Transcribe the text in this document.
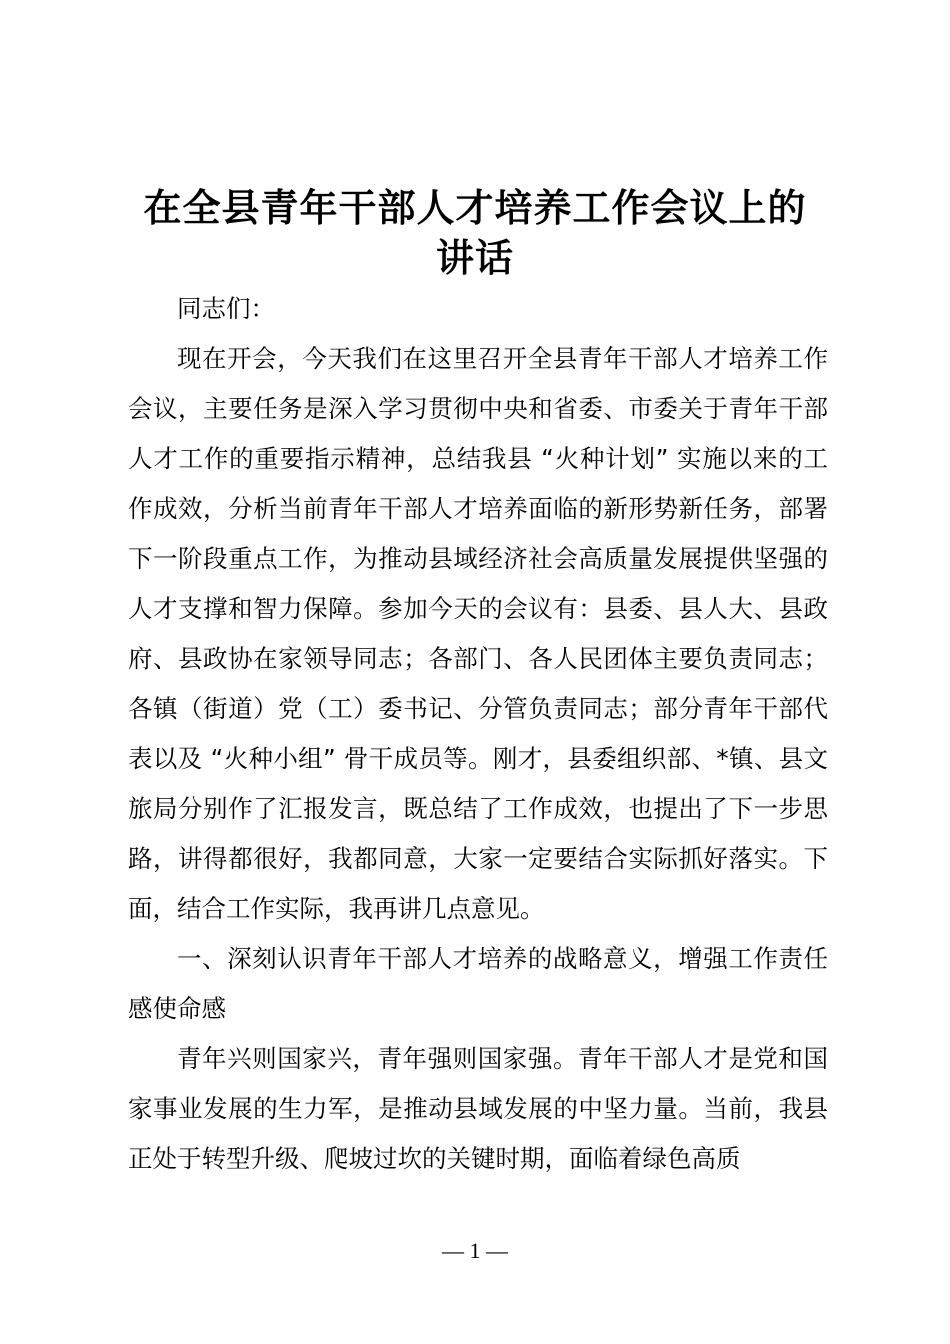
在全县青年干部人才培养工作会议上的
讲话

同志们：

现在开会，今天我们在这里召开全县青年干部人才培养工作会议，主要任务是深入学习贯彻中央和省委、市委关于青年干部人才工作的重要指示精神，总结我县 “火种计划” 实施以来的工作成效，分析当前青年干部人才培养面临的新形势新任务，部署下一阶段重点工作，为推动县域经济社会高质量发展提供坚强的人才支撑和智力保障。参加今天的会议有：县委、县人大、县政府、县政协在家领导同志；各部门、各人民团体主要负责同志；各镇（街道）党（工）委书记、分管负责同志；部分青年干部代表以及 “火种小组” 骨干成员等。刚才，县委组织部、*镇、县文旅局分别作了汇报发言，既总结了工作成效，也提出了下一步思路，讲得都很好，我都同意，大家一定要结合实际抓好落实。下面，结合工作实际，我再讲几点意见。

一、深刻认识青年干部人才培养的战略意义，增强工作责任感使命感

青年兴则国家兴，青年强则国家强。青年干部人才是党和国家事业发展的生力军，是推动县域发展的中坚力量。当前，我县正处于转型升级、爬坡过坎的关键时期，面临着绿色高质

— 1 —
